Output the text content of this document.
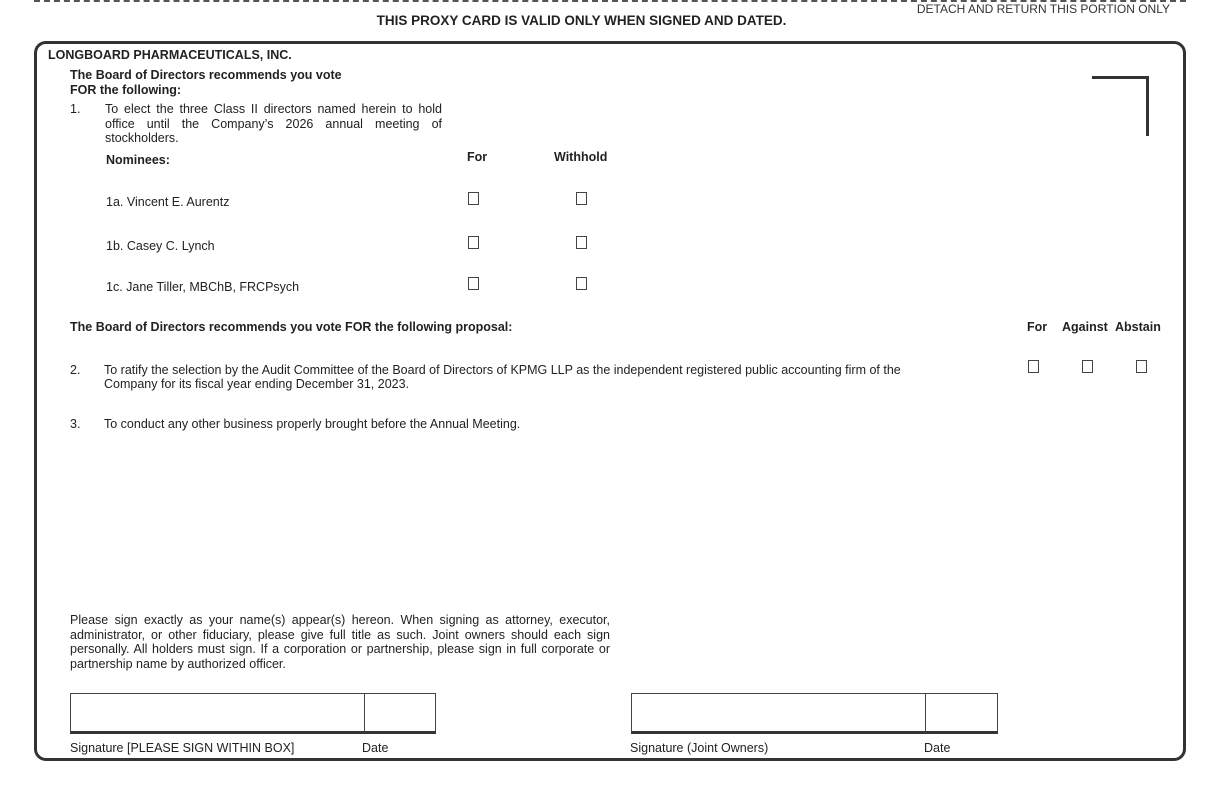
DETACH AND RETURN THIS PORTION ONLY
THIS PROXY CARD IS VALID ONLY WHEN SIGNED AND DATED.
LONGBOARD PHARMACEUTICALS, INC.
The Board of Directors recommends you vote FOR the following:
1. To elect the three Class II directors named herein to hold office until the Company’s 2026 annual meeting of stockholders.
Nominees:	For	Withhold
1a. Vincent E. Aurentz
1b. Casey C. Lynch
1c. Jane Tiller, MBChB, FRCPsych
The Board of Directors recommends you vote FOR the following proposal:	For Against Abstain
2. To ratify the selection by the Audit Committee of the Board of Directors of KPMG LLP as the independent registered public accounting firm of the Company for its fiscal year ending December 31, 2023.
3. To conduct any other business properly brought before the Annual Meeting.
Please sign exactly as your name(s) appear(s) hereon. When signing as attorney, executor, administrator, or other fiduciary, please give full title as such. Joint owners should each sign personally. All holders must sign. If a corporation or partnership, please sign in full corporate or partnership name by authorized officer.
Signature [PLEASE SIGN WITHIN BOX]	Date	Signature (Joint Owners)	Date
